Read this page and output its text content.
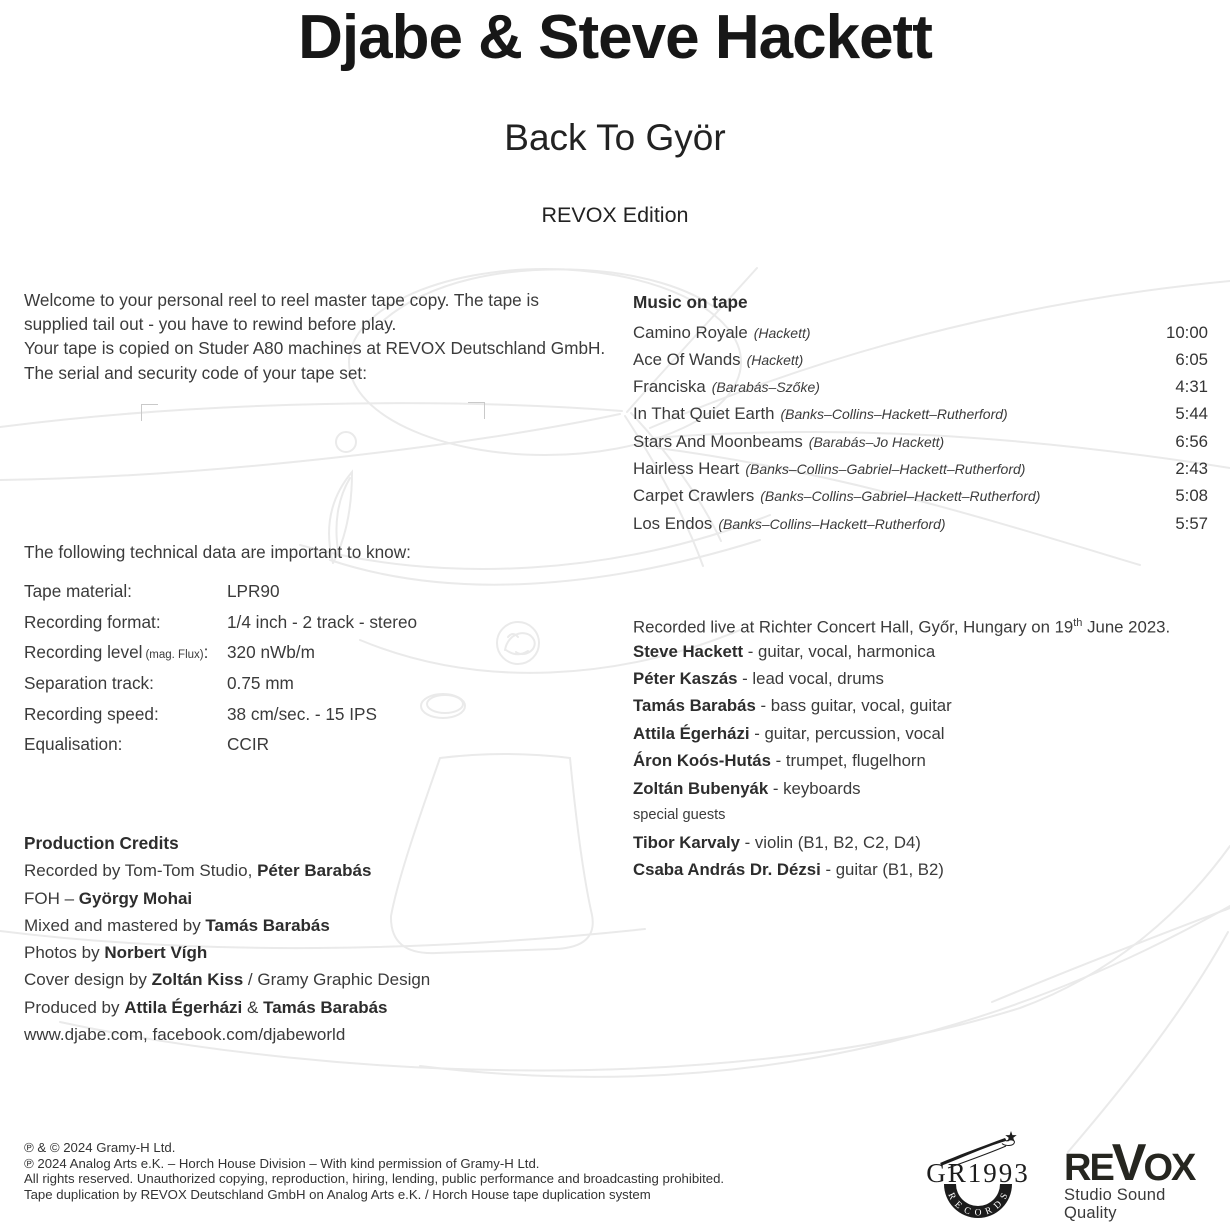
Djabe & Steve Hackett
Back To Györ
REVOX Edition
Welcome to your personal reel to reel master tape copy. The tape is
supplied tail out - you have to rewind before play.
Your tape is copied on Studer A80 machines at REVOX Deutschland GmbH.
The serial and security code of your tape set:
The following technical data are important to know:
Tape material:	LPR90
Recording format:	1/4 inch - 2 track - stereo
Recording level (mag. Flux):	320 nWb/m
Separation track:	0.75 mm
Recording speed:	38 cm/sec. - 15 IPS
Equalisation:	CCIR
Production Credits
Recorded by Tom-Tom Studio, Péter Barabás
FOH – György Mohai
Mixed and mastered by Tamás Barabás
Photos by Norbert Vígh
Cover design by Zoltán Kiss / Gramy Graphic Design
Produced by Attila Égerházi & Tamás Barabás
www.djabe.com, facebook.com/djabeworld
Music on tape
Camino Royale (Hackett)	10:00
Ace Of Wands (Hackett)	6:05
Franciska (Barabás–Szőke)	4:31
In That Quiet Earth (Banks–Collins–Hackett–Rutherford)	5:44
Stars And Moonbeams (Barabás–Jo Hackett)	6:56
Hairless Heart (Banks–Collins–Gabriel–Hackett–Rutherford)	2:43
Carpet Crawlers (Banks–Collins–Gabriel–Hackett–Rutherford)	5:08
Los Endos (Banks–Collins–Hackett–Rutherford)	5:57
Recorded live at Richter Concert Hall, Győr, Hungary on 19th June 2023.
Steve Hackett - guitar, vocal, harmonica
Péter Kaszás - lead vocal, drums
Tamás Barabás - bass guitar, vocal, guitar
Attila Égerházi - guitar, percussion, vocal
Áron Koós-Hutás - trumpet, flugelhorn
Zoltán Bubenyák - keyboards
special guests
Tibor Karvaly - violin (B1, B2, C2, D4)
Csaba András Dr. Dézsi - guitar (B1, B2)
℗ & © 2024 Gramy-H Ltd.
℗ 2024 Analog Arts e.K. – Horch House Division – With kind permission of Gramy-H Ltd.
All rights reserved. Unauthorized copying, reproduction, hiring, lending, public performance and broadcasting prohibited.
Tape duplication by REVOX Deutschland GmbH on Analog Arts e.K. / Horch House tape duplication system
GR1993
R
E
C O R
D
S
RE V OX
Studio Sound Quality
